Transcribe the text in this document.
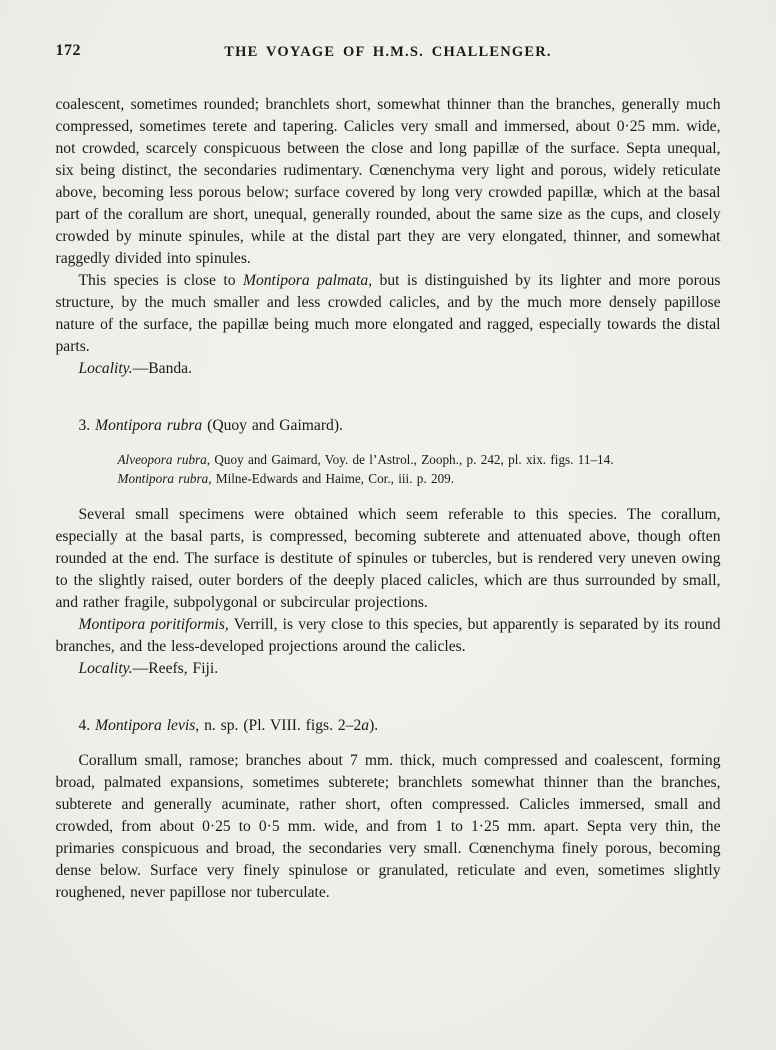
172	THE VOYAGE OF H.M.S. CHALLENGER.

coalescent, sometimes rounded; branchlets short, somewhat thinner than the branches, generally much compressed, sometimes terete and tapering. Calicles very small and immersed, about 0·25 mm. wide, not crowded, scarcely conspicuous between the close and long papillæ of the surface. Septa unequal, six being distinct, the secondaries rudimentary. Cœnenchyma very light and porous, widely reticulate above, becoming less porous below; surface covered by long very crowded papillæ, which at the basal part of the corallum are short, unequal, generally rounded, about the same size as the cups, and closely crowded by minute spinules, while at the distal part they are very elongated, thinner, and somewhat raggedly divided into spinules.

This species is close to Montipora palmata, but is distinguished by its lighter and more porous structure, by the much smaller and less crowded calicles, and by the much more densely papillose nature of the surface, the papillæ being much more elongated and ragged, especially towards the distal parts.

Locality.—Banda.

3. Montipora rubra (Quoy and Gaimard).

Alveopora rubra, Quoy and Gaimard, Voy. de l’Astrol., Zooph., p. 242, pl. xix. figs. 11–14.

Montipora rubra, Milne-Edwards and Haime, Cor., iii. p. 209.

Several small specimens were obtained which seem referable to this species. The corallum, especially at the basal parts, is compressed, becoming subterete and attenuated above, though often rounded at the end. The surface is destitute of spinules or tubercles, but is rendered very uneven owing to the slightly raised, outer borders of the deeply placed calicles, which are thus surrounded by small, and rather fragile, subpolygonal or subcircular projections.

Montipora poritiformis, Verrill, is very close to this species, but apparently is separated by its round branches, and the less-developed projections around the calicles.

Locality.—Reefs, Fiji.

4. Montipora levis, n. sp. (Pl. VIII. figs. 2–2a).

Corallum small, ramose; branches about 7 mm. thick, much compressed and coalescent, forming broad, palmated expansions, sometimes subterete; branchlets somewhat thinner than the branches, subterete and generally acuminate, rather short, often compressed. Calicles immersed, small and crowded, from about 0·25 to 0·5 mm. wide, and from 1 to 1·25 mm. apart. Septa very thin, the primaries conspicuous and broad, the secondaries very small. Cœnenchyma finely porous, becoming dense below. Surface very finely spinulose or granulated, reticulate and even, sometimes slightly roughened, never papillose nor tuberculate.
